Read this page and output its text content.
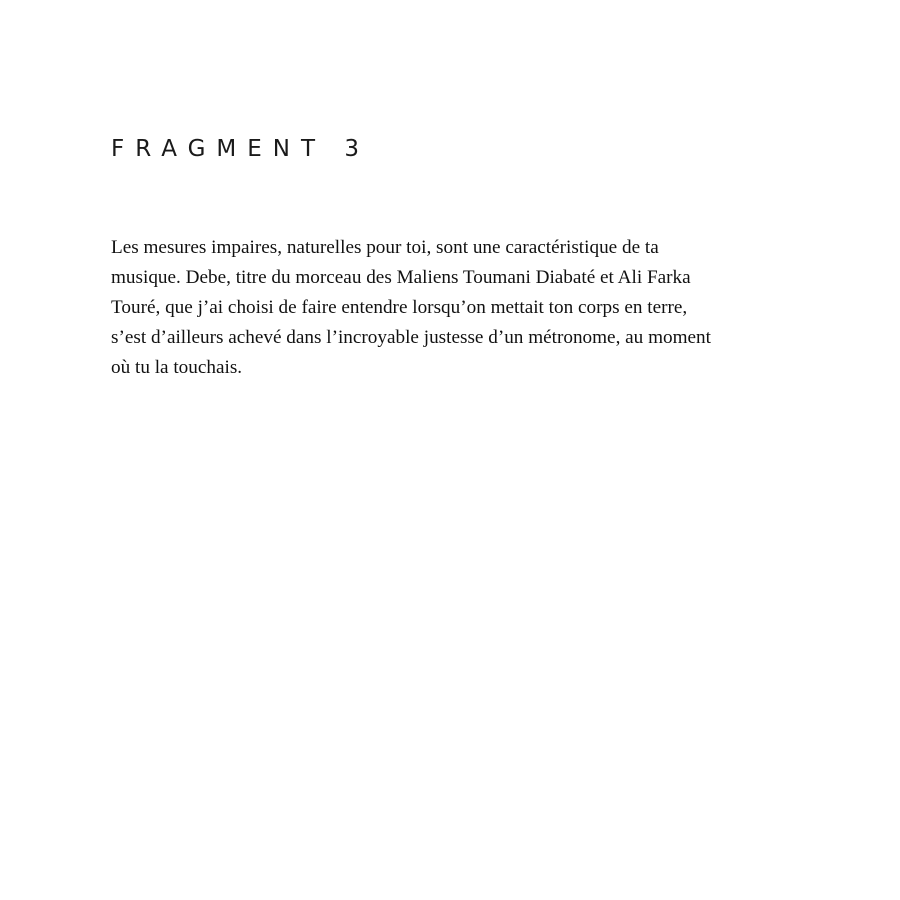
FRAGMENT 3

Les mesures impaires, naturelles pour toi, sont une caractéristique de ta
musique. Debe, titre du morceau des Maliens Toumani Diabaté et Ali Farka
Touré, que j’ai choisi de faire entendre lorsqu’on mettait ton corps en terre,
s’est d’ailleurs achevé dans l’incroyable justesse d’un métronome, au moment
où tu la touchais.
